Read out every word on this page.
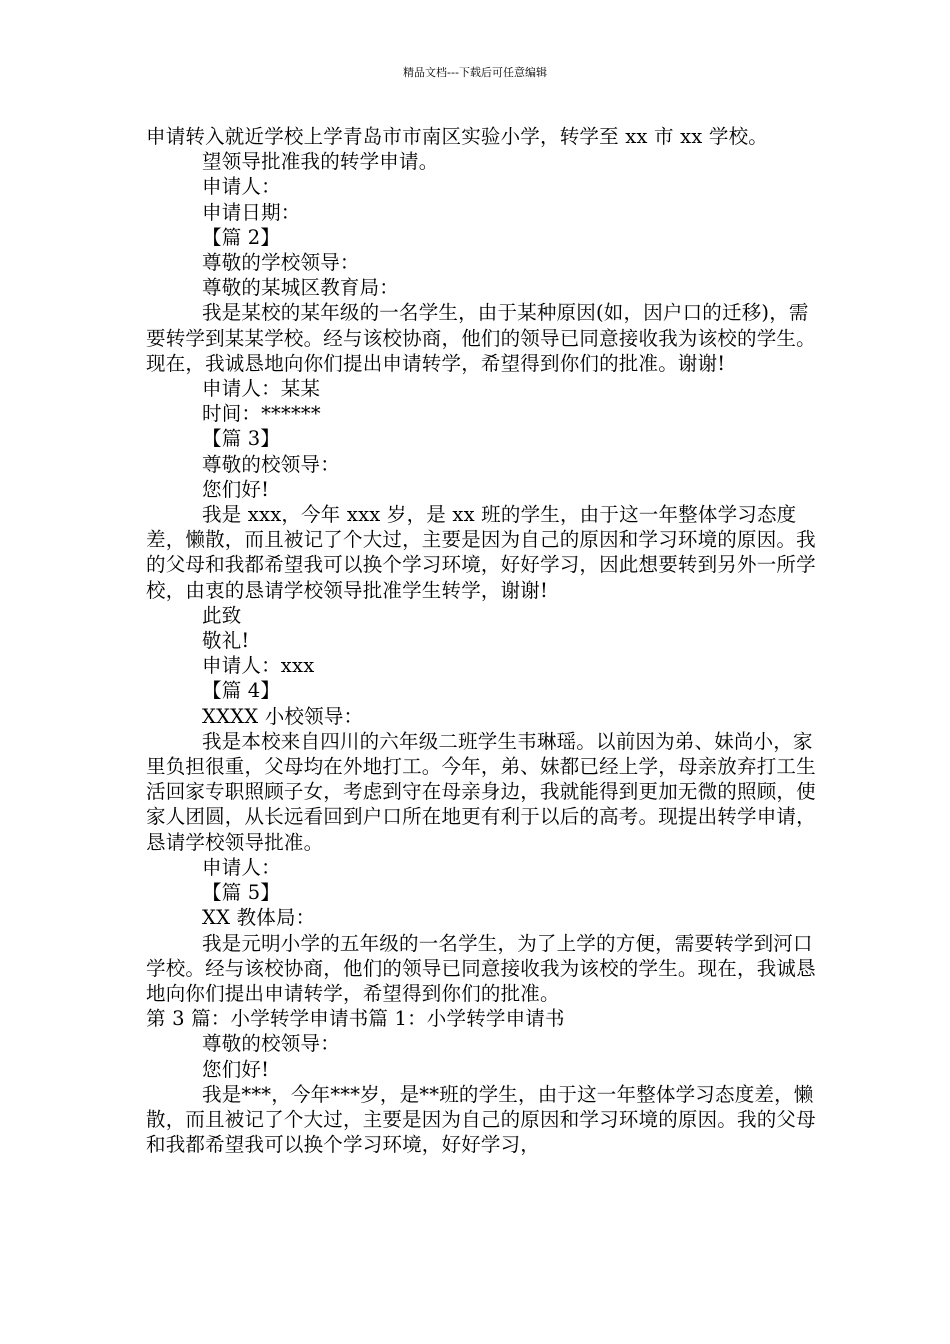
精品文档---下载后可任意编辑

申请转入就近学校上学青岛市市南区实验小学，转学至 xx 市 xx 学校。

望领导批准我的转学申请。

申请人：

申请日期：

【篇 2】

尊敬的学校领导：

尊敬的某城区教育局：

我是某校的某年级的一名学生，由于某种原因(如，因户口的迁移)，需要转学到某某学校。经与该校协商，他们的领导已同意接收我为该校的学生。现在，我诚恳地向你们提出申请转学，希望得到你们的批准。谢谢!

申请人：某某

时间：******

【篇 3】

尊敬的校领导：

您们好!

我是 xxx，今年 xxx 岁，是 xx 班的学生，由于这一年整体学习态度差，懒散，而且被记了个大过，主要是因为自己的原因和学习环境的原因。我的父母和我都希望我可以换个学习环境，好好学习，因此想要转到另外一所学校，由衷的恳请学校领导批准学生转学，谢谢!

此致

敬礼!

申请人：xxx

【篇 4】

XXXX 小校领导：

我是本校来自四川的六年级二班学生韦琳瑶。以前因为弟、妹尚小，家里负担很重，父母均在外地打工。今年，弟、妹都已经上学，母亲放弃打工生活回家专职照顾子女，考虑到守在母亲身边，我就能得到更加无微的照顾，使家人团圆，从长远看回到户口所在地更有利于以后的高考。现提出转学申请，恳请学校领导批准。

申请人：

【篇 5】

XX 教体局：

我是元明小学的五年级的一名学生，为了上学的方便，需要转学到河口学校。经与该校协商，他们的领导已同意接收我为该校的学生。现在，我诚恳地向你们提出申请转学，希望得到你们的批准。

第 3 篇：小学转学申请书篇 1：小学转学申请书

尊敬的校领导：

您们好!

我是***，今年***岁，是**班的学生，由于这一年整体学习态度差，懒散，而且被记了个大过，主要是因为自己的原因和学习环境的原因。我的父母和我都希望我可以换个学习环境，好好学习，
